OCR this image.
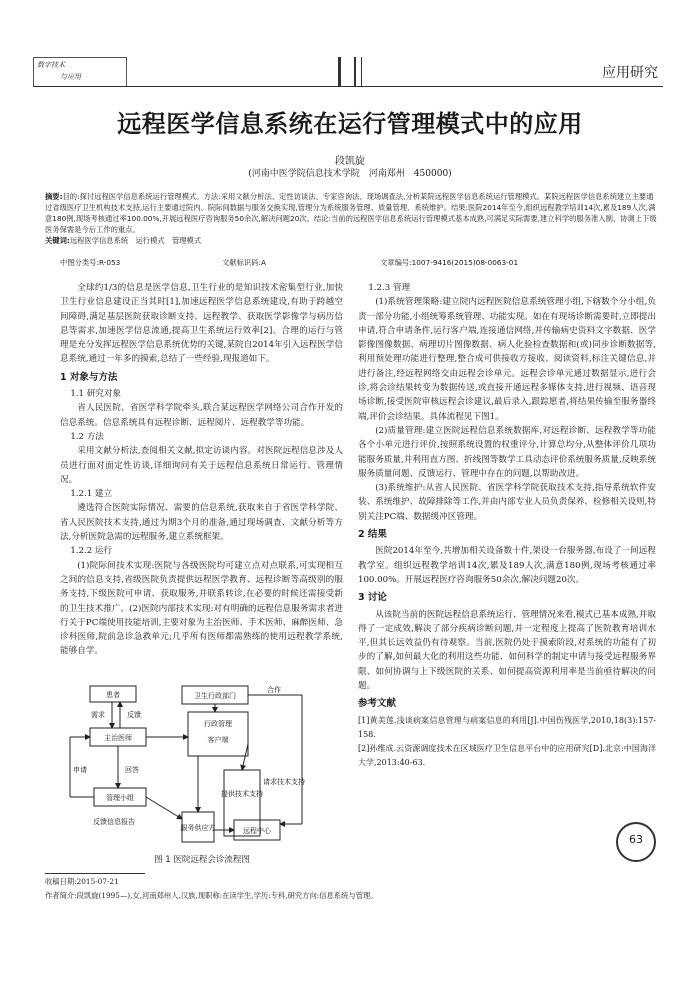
数字技术
与应用	应用研究
远程医学信息系统在运行管理模式中的应用
段凯旋
(河南中医学院信息技术学院　河南郑州　450000)
摘要:目的:探讨远程医学信息系统运行管理模式。方法:采用文献分析法、定性访谈法、专家咨询法、现场调查法,分析某院远程医学信息系统运行管理模式。某院远程医学信息系统建立主要通过省级医疗卫生机构技术支持,运行主要通过院内、院际间数据与服务交换实现,管理分为系统服务管理、质量管理、系统维护。结果:医院2014年至今,组织远程教学培训14次,累及189人次,满意180例,现场考核通过率100.00%,开展远程医疗咨询服务50余次,解决问题20次。结论:当前的远程医学信息系统运行管理模式基本成熟,可满足实际需要,建立科学的服务准入制、协调上下级医务保需是今后工作的重点。
关键词:远程医学信息系统　运行模式　管理模式
中图分类号:R-053	文献标识码:A	文章编号:1007-9416(2015)08-0063-01

全球约1/3的信息是医学信息,卫生行业的是知识技术密集型行业,加快卫生行业信息建设正当其时[1],加速远程医学信息系统建设,有助于跨越空间障碍,满足基层医院获取诊断支持、远程教学、获取医学影像学与病历信息等需求,加速医学信息流通,提高卫生系统运行效率[2]。合理的运行与管理是充分发挥远程医学信息系统优势的关键,某院自2014年引入远程医学信息系统,通过一年多的摸索,总结了一些经验,现报道如下。

1 对象与方法

1.1 研究对象

省人民医院、省医学科学院牵头,联合某远程医学网络公司合作开发的信息系统。信息系统具有远程诊断、远程阅片、远程教学等功能。

1.2 方法

采用文献分析法,查阅相关文献,拟定访谈内容。对医院远程信息涉及人员进行面对面定性访谈,详细询问有关于远程信息系统日常运行、管理情况。

1.2.1 建立

遴选符合医院实际情况、需要的信息系统,获取来自于省医学科学院、省人民医院技术支持,通过为期3个月的准备,通过现场调查、文献分析等方法,分析医院急需的远程服务,建立系统框架。

1.2.2 运行

(1)院际间技术实现:医院与各级医院均可建立点对点联系,可实现相互之间的信息支持,省级医院负责提供远程医学教育、远程诊断等高级别的服务支持,下级医院可申请、获取服务,并联系转诊,在必要的时候还需接受新的卫生技术推广。(2)医院内部技术实现:对有明确的远程信息服务需求者进行关于PC端使用技能培训,主要对象为主治医师、手术医师、麻醉医师、急诊科医师,院前急诊急救单元;几乎所有医师都需熟练的使用远程教学系统,能够自学。

患者
主治医师
管理小组
卫生行政部门
行政管理
客户端
提供技术支持
服务供应方	远程中心
请求技术支持
合作
需求	反馈
申请	回答
反馈信息报告
图 1 医院远程会诊流程图

1.2.3 管理

(1)系统管理策略:建立院内远程医院信息系统管理小组,下辖数个分小组,负责一部分功能,小组统筹系统管理、功能实现。如在有现场诊断需要时,立即提出申请,符合申请条件,运行客户端,连接通信网络,并传输病史资料文字数据、医学影像图像数据、病理切片图像数据、病人化验检查数据和(或)同步诊断数据等,利用预处理功能进行整理,整合成可供接收方接收、阅读资料,标注关键信息,并进行备注,经远程网络交由远程会诊单元。远程会诊单元通过数据显示,进行会诊,将会诊结果转变为数据传送,或直接开通远程多媒体支持,进行视频、语音现场诊断,接受医院审核远程会诊建议,最后录入,跟踪愿者,将结果传输至服务器终端,评价会诊结果。具体流程见下图1。

(2)质量管理:建立医院远程信息系统数据库,对远程诊断、远程教学等功能各个小单元进行评价,按照系统设置的权重评分,计算总均分,从整体评价几项功能服务质量,并利用直方图、折线图等数学工具动态评价系统服务质量,反映系统服务质量问题、反馈运行、管理中存在的问题,以帮助改进。

(3)系统维护:从省人民医院、省医学科学院获取技术支持,指导系统软件安装、系统维护、故障排除等工作,并由内部专业人员负责保养、检修相关设则,特别关注PC端、数据缓冲区管理。

2 结果

医院2014年至今,共增加相关设备数十件,架设一台服务器,布设了一间远程教学室。组织远程教学培训14次,累及189人次,满意180例,现场考核通过率100.00%。开展远程医疗咨询服务50余次,解决问题20次。

3 讨论

从该院当前的医院远程信息系统运行、管理情况来看,模式已基本成熟,并取得了一定成效,解决了部分疾病诊断问题,并一定程度上提高了医院教育培训水平,但其长远效益仍有待观察。当前,医院仍处于摸索阶段,对系统的功能有了初步的了解,如何最大化的利用这些功能、如何科学的制定申请与接受远程服务界限、如何协调与上下级医院的关系、如何提高资源利用率是当前亟待解决的问题。

参考文献
[1]黄美莲.浅谈病案信息管理与病案信息的利用[J].中国伤残医学,2010,18(3):157-158.
[2]孙维成.云资源调度技术在区域医疗卫生信息平台中的应用研究[D].北京:中国海洋大学,2013:40-63.
收稿日期:2015-07-21
作者简介:段凯旋(1995—),女,河南郑州人,汉族,现职称:在读学生,学历:专科,研究方向:信息系统与管理。
63
